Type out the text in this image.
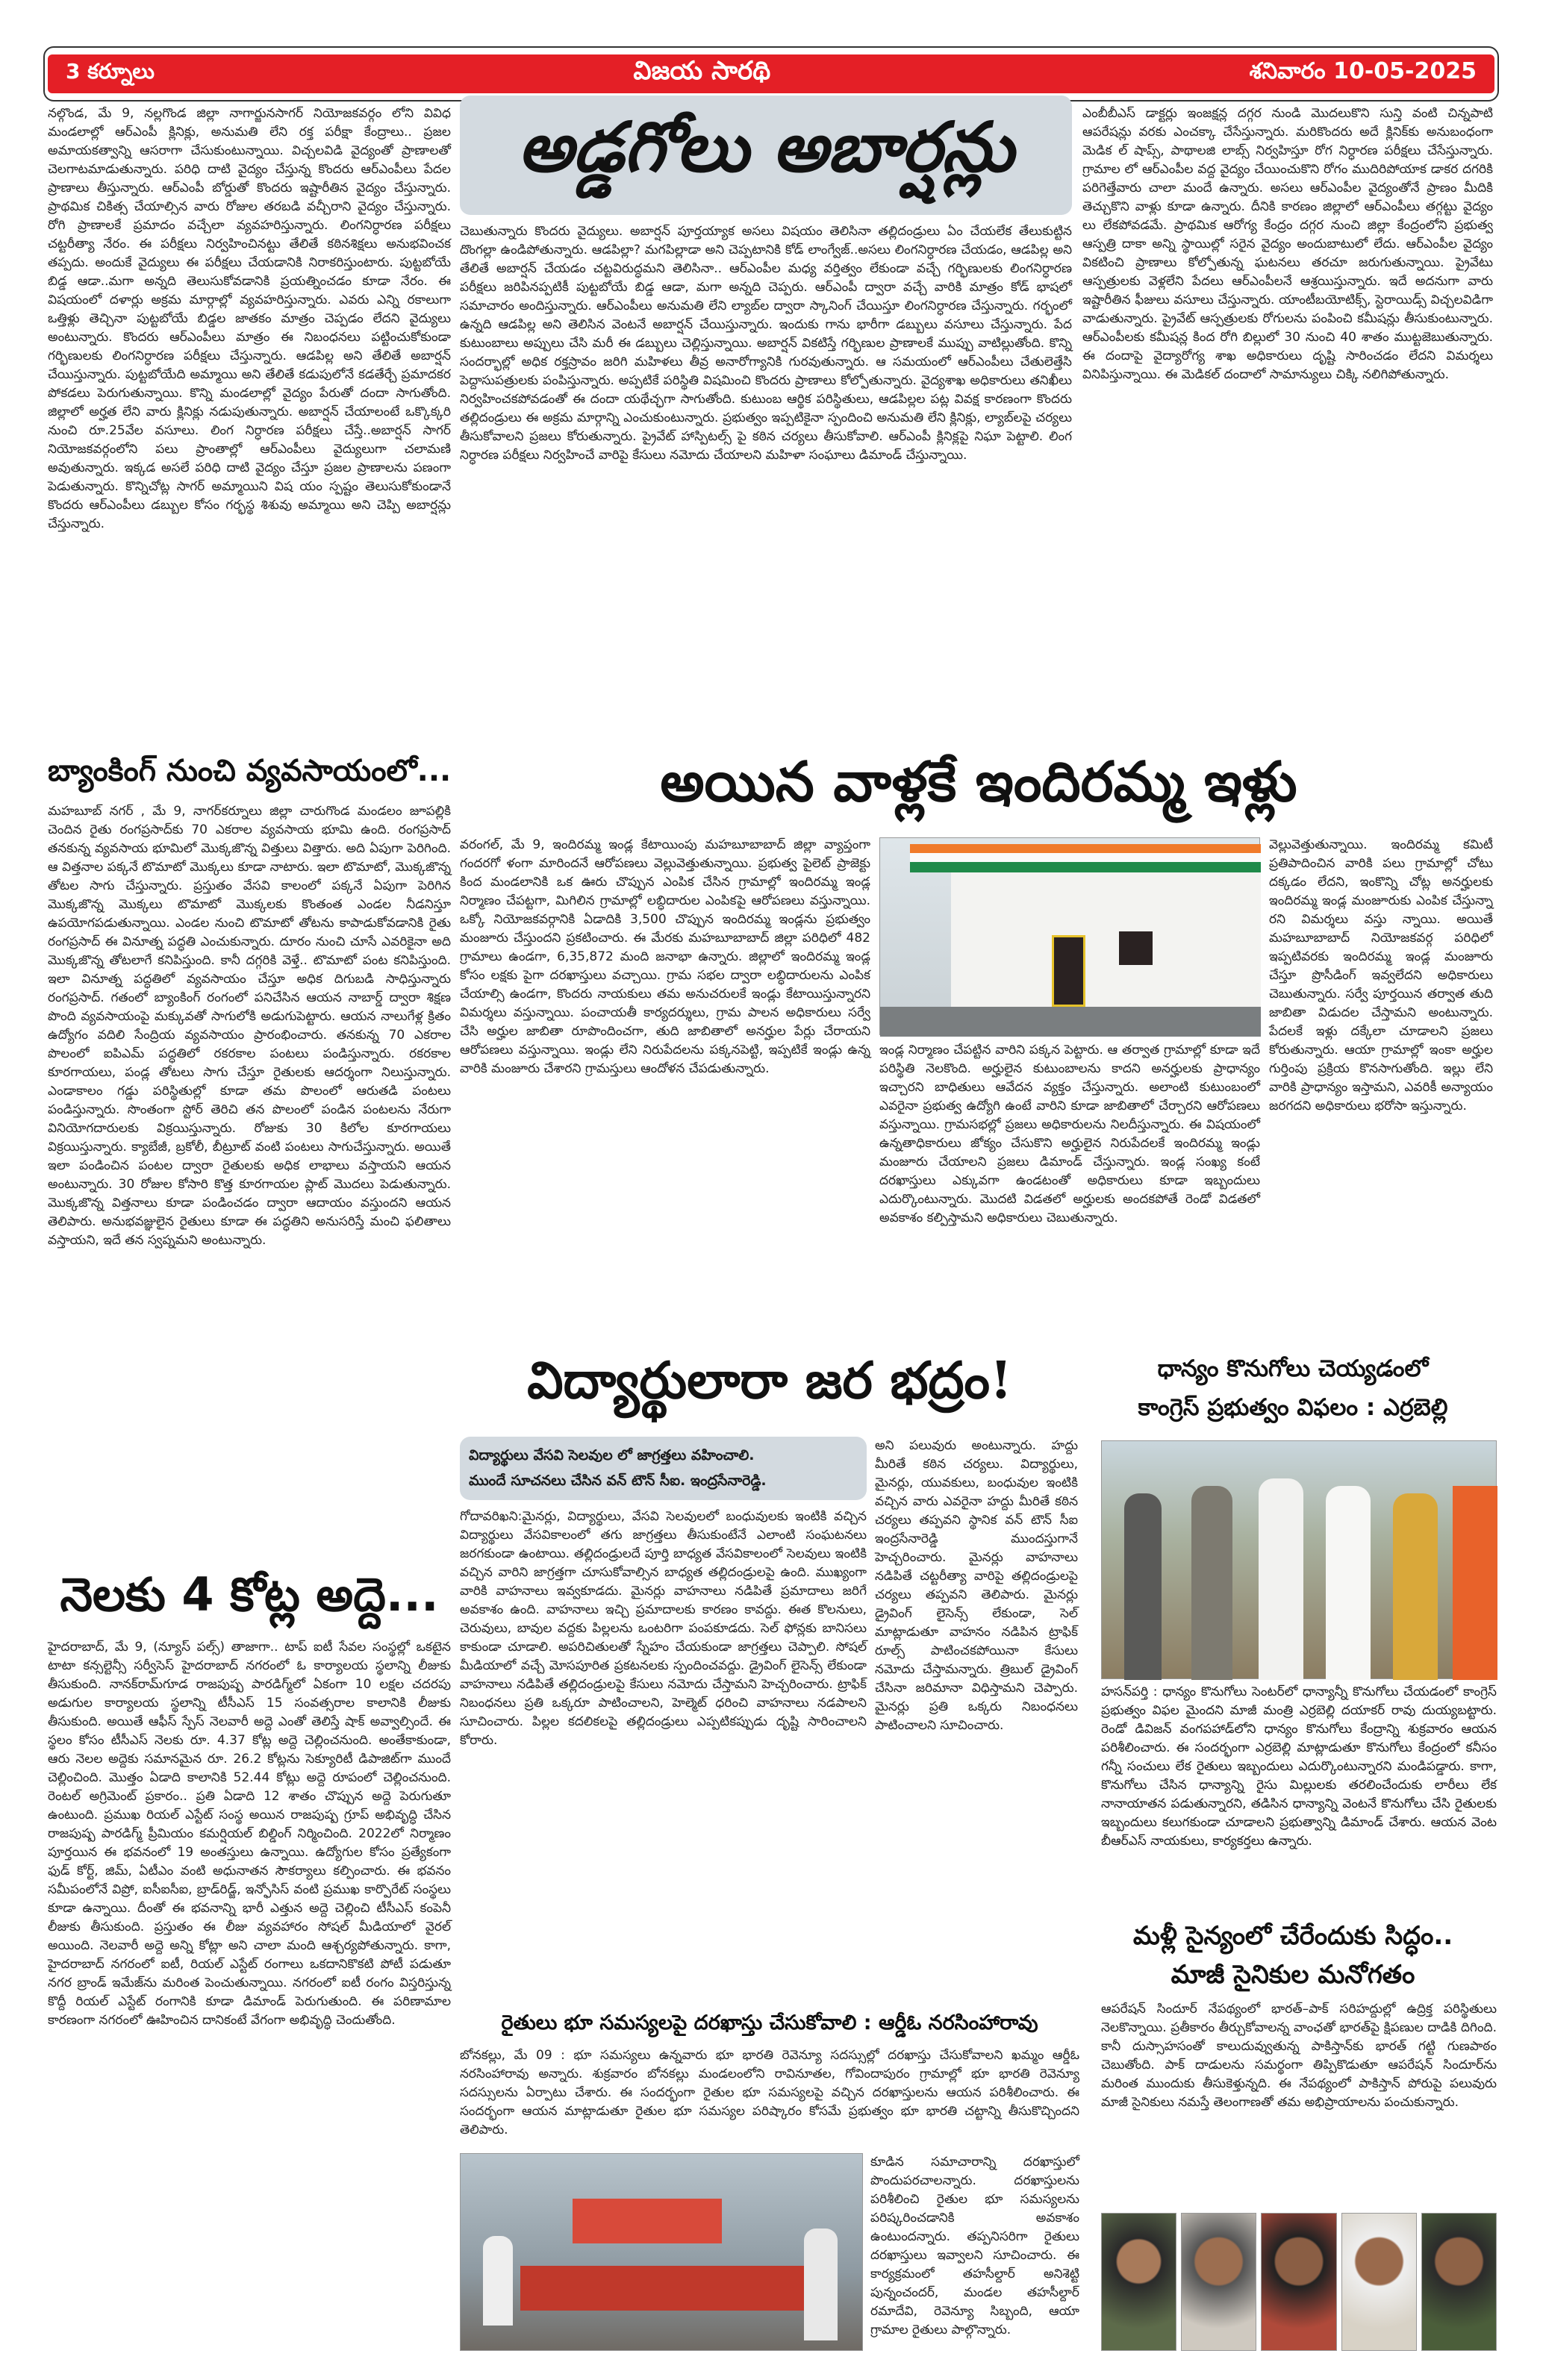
3 కర్నూలు	విజయ సారథి	శనివారం 10-05-2025

నల్గొండ, మే 9, నల్లగొండ జిల్లా నాగార్జునసాగర్ నియోజకవర్గం లోని వివిధ మండలాల్లో ఆర్ఎంపీ క్లినిక్లు, అనుమతి లేని రక్త పరీక్షా కేంద్రాలు.. ప్రజల అమాయకత్వాన్ని ఆసరాగా చేసుకుంటున్నాయి. విచ్చలవిడి వైద్యంతో ప్రాణాలతో చెలగాటమాడుతున్నారు. పరిధి దాటి వైద్యం చేస్తున్న కొందరు ఆర్ఎంపీలు పేదల ప్రాణాలు తీస్తున్నారు. ఆర్ఎంపీ బోర్డుతో కొందరు ఇష్టారీతిన వైద్యం చేస్తున్నారు. ప్రాథమిక చికిత్స చేయాల్సిన వారు రోజుల తరబడి వచ్చీరాని వైద్యం చేస్తున్నారు. రోగి ప్రాణాలకే ప్రమాదం వచ్చేలా వ్యవహరిస్తున్నారు. లింగనిర్ధారణ పరీక్షలు చట్టరీత్యా నేరం. ఈ పరీక్షలు నిర్వహించినట్టు తేలితే కఠినశిక్షలు అనుభవించక తప్పదు. అందుకే వైద్యులు ఈ పరీక్షలు చేయడానికి నిరాకరిస్తుంటారు. పుట్టబోయే బిడ్డ ఆడా..మగా అన్నది తెలుసుకోవడానికి ప్రయత్నించడం కూడా నేరం. ఈ విషయంలో దళార్లు అక్రమ మార్గాల్లో వ్యవహరిస్తున్నారు. ఎవరు ఎన్ని రకాలుగా ఒత్తిళ్లు తెచ్చినా పుట్టబోయే బిడ్డల జాతకం మాత్రం చెప్పడం లేదని వైద్యులు అంటున్నారు. కొందరు ఆర్ఎంపీలు మాత్రం ఈ నిబంధనలు పట్టించుకోకుండా గర్భిణులకు లింగనిర్ధారణ పరీక్షలు చేస్తున్నారు. ఆడపిల్ల అని తేలితే అబార్షన్ చేయిస్తున్నారు. పుట్టబోయేది అమ్మాయి అని తేలితే కడుపులోనే కడతేర్చే ప్రమాదకర పోకడలు పెరుగుతున్నాయి. కొన్ని మండలాల్లో వైద్యం పేరుతో దందా సాగుతోంది. జిల్లాలో అర్హత లేని వారు క్లినిక్లు నడుపుతున్నారు. అబార్షన్ చేయాలంటే ఒక్కొక్కరి నుంచి రూ.25వేల వసూలు. లింగ నిర్ధారణ పరీక్షలు చేస్తే..అబార్షన్ సాగర్ నియోజకవర్గంలోని పలు ప్రాంతాల్లో ఆర్ఎంపీలు వైద్యులుగా చలామణి అవుతున్నారు. ఇక్కడ అసలే పరిధి దాటి వైద్యం చేస్తూ ప్రజల ప్రాణాలను పణంగా పెడుతున్నారు. కొన్నిచోట్ల సాగర్ అమ్మాయిని విష యం స్పష్టం తెలుసుకోకుండానే కొందరు ఆర్ఎంపీలు డబ్బుల కోసం గర్భస్థ శిశువు అమ్మాయి అని చెప్పి అబార్షన్లు చేస్తున్నారు.

అడ్డగోలు అబార్షన్లు

చెబుతున్నారు కొందరు వైద్యులు. అబార్షన్ పూర్తయ్యాక అసలు విషయం తెలిసినా తల్లిదండ్రులు ఏం చేయలేక తేలుకుట్టిన దొంగల్లా ఉండిపోతున్నారు. ఆడపిల్లా? మగపిల్లాడా అని చెప్పటానికి కోడ్ లాంగ్వేజ్..అసలు లింగనిర్ధారణ చేయడం, ఆడపిల్ల అని తేలితే అబార్షన్ చేయడం చట్టవిరుద్ధమని తెలిసినా.. ఆర్ఎంపీల మధ్య వర్తిత్వం లేకుండా వచ్చే గర్భిణులకు లింగనిర్ధారణ పరీక్షలు జరిపినప్పటికీ పుట్టబోయే బిడ్డ ఆడా, మగా అన్నది చెప్పరు. ఆర్ఎంపీ ద్వారా వచ్చే వారికి మాత్రం కోడ్ భాషలో సమాచారం అందిస్తున్నారు. ఆర్ఎంపీలు అనుమతి లేని ల్యాబ్‌ల ద్వారా స్కానింగ్ చేయిస్తూ లింగనిర్ధారణ చేస్తున్నారు. గర్భంలో ఉన్నది ఆడపిల్ల అని తెలిసిన వెంటనే అబార్షన్ చేయిస్తున్నారు. ఇందుకు గాను భారీగా డబ్బులు వసూలు చేస్తున్నారు. పేద కుటుంబాలు అప్పులు చేసి మరీ ఈ డబ్బులు చెల్లిస్తున్నాయి. అబార్షన్ వికటిస్తే గర్భిణుల ప్రాణాలకే ముప్పు వాటిల్లుతోంది. కొన్ని సందర్భాల్లో అధిక రక్తస్రావం జరిగి మహిళలు తీవ్ర అనారోగ్యానికి గురవుతున్నారు. ఆ సమయంలో ఆర్ఎంపీలు చేతులెత్తేసి పెద్దాసుపత్రులకు పంపిస్తున్నారు. అప్పటికే పరిస్థితి విషమించి కొందరు ప్రాణాలు కోల్పోతున్నారు. వైద్యశాఖ అధికారులు తనిఖీలు నిర్వహించకపోవడంతో ఈ దందా యథేచ్ఛగా సాగుతోంది. కుటుంబ ఆర్థిక పరిస్థితులు, ఆడపిల్లల పట్ల వివక్ష కారణంగా కొందరు తల్లిదండ్రులు ఈ అక్రమ మార్గాన్ని ఎంచుకుంటున్నారు. ప్రభుత్వం ఇప్పటికైనా స్పందించి అనుమతి లేని క్లినిక్లు, ల్యాబ్‌లపై చర్యలు తీసుకోవాలని ప్రజలు కోరుతున్నారు. ప్రైవేట్ హాస్పిటల్స్ పై కఠిన చర్యలు తీసుకోవాలి. ఆర్ఎంపీ క్లినిక్లపై నిఘా పెట్టాలి. లింగ నిర్ధారణ పరీక్షలు నిర్వహించే వారిపై కేసులు నమోదు చేయాలని మహిళా సంఘాలు డిమాండ్ చేస్తున్నాయి.

ఎంబీబీఎస్ డాక్టర్లు ఇంజక్షన్ల దగ్గర నుండి మొదలుకొని సున్తి వంటి చిన్నపాటి ఆపరేషన్లు వరకు ఎంచక్కా చేసేస్తున్నారు. మరికొందరు అదే క్లినిక్‌కు అనుబంధంగా మెడిక ల్ షాప్స్, పాథాలజి లాబ్స్ నిర్వహిస్తూ రోగ నిర్ధారణ పరీక్షలు చేసేస్తున్నారు. గ్రామాల లో ఆర్ఎంపీల వద్ద వైద్యం చేయించుకొని రోగం ముదిరిపోయాక డాకర దగరికి పరిగెత్తేవారు చాలా మందే ఉన్నారు. అసలు ఆర్ఎంపీల వైద్యంతోనే ప్రాణం మీదికి తెచ్చుకొని వాళ్లు కూడా ఉన్నారు. దీనికి కారణం జిల్లాలో ఆర్ఎంపీలు తగ్గట్టు వైద్యం లు లేకపోవడమే. ప్రాథమిక ఆరోగ్య కేంద్రం దగ్గర నుంచి జిల్లా కేంద్రంలోని ప్రభుత్వ ఆస్పత్రి దాకా అన్ని స్థాయిల్లో సరైన వైద్యం అందుబాటులో లేదు. ఆర్ఎంపీల వైద్యం వికటించి ప్రాణాలు కోల్పోతున్న ఘటనలు తరచూ జరుగుతున్నాయి. ప్రైవేటు ఆస్పత్రులకు వెళ్లలేని పేదలు ఆర్ఎంపీలనే ఆశ్రయిస్తున్నారు. ఇదే అదనుగా వారు ఇష్టారీతిన ఫీజులు వసూలు చేస్తున్నారు. యాంటీబయోటిక్స్, స్టెరాయిడ్స్ విచ్చలవిడిగా వాడుతున్నారు. ప్రైవేట్ ఆస్పత్రులకు రోగులను పంపించి కమీషన్లు తీసుకుంటున్నారు. ఆర్ఎంపీలకు కమీషన్ల కింద రోగి బిల్లులో 30 నుంచి 40 శాతం ముట్టజెబుతున్నారు. ఈ దందాపై వైద్యారోగ్య శాఖ అధికారులు దృష్టి సారించడం లేదని విమర్శలు వినిపిస్తున్నాయి. ఈ మెడికల్ దందాలో సామాన్యులు చిక్కి నలిగిపోతున్నారు.

బ్యాంకింగ్ నుంచి వ్యవసాయంలో...

మహబూబ్ నగర్ , మే 9, నాగర్‌కర్నూలు జిల్లా చారుగొండ మండలం జూపల్లికి చెందిన రైతు రంగప్రసాద్‌కు 70 ఎకరాల వ్యవసాయ భూమి ఉంది. రంగప్రసాద్ తనకున్న వ్యవసాయ భూమిలో మొక్కజొన్న విత్తులు విత్తారు. అది ఏపుగా పెరిగింది. ఆ విత్తనాల పక్కనే టొమాటో మొక్కలు కూడా నాటారు. ఇలా టొమాటో, మొక్కజొన్న తోటల సాగు చేస్తున్నారు. ప్రస్తుతం వేసవి కాలంలో పక్కనే ఏపుగా పెరిగిన మొక్కజొన్న మొక్కలు టొమాటో మొక్కలకు కొంతంత ఎండల నీడనిస్తూ ఉపయోగపడుతున్నాయి. ఎండల నుంచి టొమాటో తోటను కాపాడుకోవడానికి రైతు రంగప్రసాద్ ఈ వినూత్న పద్ధతి ఎంచుకున్నారు. దూరం నుంచి చూసే ఎవరికైనా అది మొక్కజొన్న తోటలాగే కనిపిస్తుంది. కానీ దగ్గరికి వెళ్తే.. టొమాటో పంట కనిపిస్తుంది. ఇలా వినూత్న పద్ధతిలో వ్యవసాయం చేస్తూ అధిక దిగుబడి సాధిస్తున్నారు రంగప్రసాద్. గతంలో బ్యాంకింగ్ రంగంలో పనిచేసిన ఆయన నాబార్డ్ ద్వారా శిక్షణ పొంది వ్యవసాయంపై మక్కువతో సాగులోకి అడుగుపెట్టారు. ఆయన నాలుగేళ్ల క్రితం ఉద్యోగం వదిలి సేంద్రియ వ్యవసాయం ప్రారంభించారు. తనకున్న 70 ఎకరాల పొలంలో ఐపిఎమ్ పద్ధతిలో రకరకాల పంటలు పండిస్తున్నారు. రకరకాల కూరగాయలు, పండ్ల తోటలు సాగు చేస్తూ రైతులకు ఆదర్శంగా నిలుస్తున్నారు. ఎండాకాలం గడ్డు పరిస్థితుల్లో కూడా తమ పొలంలో ఆరుతడి పంటలు పండిస్తున్నారు. సొంతంగా స్టోర్ తెరిచి తన పొలంలో పండిన పంటలను నేరుగా వినియోగదారులకు విక్రయిస్తున్నారు. రోజుకు 30 కిలోల కూరగాయలు విక్రయిస్తున్నారు. క్యాబేజీ, బ్రకోలీ, బీట్రూట్ వంటి పంటలు సాగుచేస్తున్నారు. అయితే ఇలా పండించిన పంటల ద్వారా రైతులకు అధిక లాభాలు వస్తాయని ఆయన అంటున్నారు. 30 రోజుల కోసారి కొత్త కూరగాయల ప్లాట్ మొదలు పెడుతున్నారు. మొక్కజొన్న విత్తనాలు కూడా పండించడం ద్వారా ఆదాయం వస్తుందని ఆయన తెలిపారు. అనుభవజ్ఞులైన రైతులు కూడా ఈ పద్ధతిని అనుసరిస్తే మంచి ఫలితాలు వస్తాయని, ఇదే తన స్వప్నమని అంటున్నారు.

నెలకు 4 కోట్ల అద్దె...

హైదరాబాద్, మే 9, (న్యూస్ పల్స్) తాజాగా.. టాప్ ఐటీ సేవల సంస్థల్లో ఒకటైన టాటా కన్సల్టెన్సీ సర్వీసెస్ హైదరాబాద్ నగరంలో ఓ కార్యాలయ స్థలాన్ని లీజుకు తీసుకుంది. నానక్‌రామ్‌గూడ రాజపుష్ప పారడిగ్మ్‌లో ఏకంగా 10 లక్షల చదరపు అడుగుల కార్యాలయ స్థలాన్ని టీసీఎస్ 15 సంవత్సరాల కాలానికి లీజుకు తీసుకుంది. అయితే ఆఫీస్ స్పేస్ నెలవారీ అద్దె ఎంతో తెలిస్తే షాక్ అవ్వాల్సిందే. ఈ స్థలం కోసం టీసీఎస్ నెలకు రూ. 4.37 కోట్ల అద్దె చెల్లించనుంది. అంతేకాకుండా, ఆరు నెలల అద్దెకు సమానమైన రూ. 26.2 కోట్లను సెక్యూరిటీ డిపాజిట్‌గా ముందే చెల్లించింది. మొత్తం ఏడాది కాలానికి 52.44 కోట్లు అద్దె రూపంలో చెల్లించనుంది. రెంటల్ అగ్రిమెంట్ ప్రకారం.. ప్రతి ఏడాది 12 శాతం చొప్పున అద్దె పెరుగుతూ ఉంటుంది. ప్రముఖ రియల్ ఎస్టేట్ సంస్థ అయిన రాజపుష్ప గ్రూప్ అభివృద్ధి చేసిన రాజపుష్ప పారడిగ్మ్ ప్రీమియం కమర్షియల్ బిల్డింగ్ నిర్మించింది. 2022లో నిర్మాణం పూర్తయిన ఈ భవనంలో 19 అంతస్తులు ఉన్నాయి. ఉద్యోగుల కోసం ప్రత్యేకంగా ఫుడ్ కోర్ట్, జిమ్, ఏటీఎం వంటి అధునాతన సౌకర్యాలు కల్పించారు. ఈ భవనం సమీపంలోనే విప్రో, ఐసీఐసీఐ, బ్రాడ్‌రిడ్జ్, ఇన్ఫోసిస్ వంటి ప్రముఖ కార్పొరేట్ సంస్థలు కూడా ఉన్నాయి. దీంతో ఈ భవనాన్ని భారీ ఎత్తున అద్దె చెల్లించి టీసీఎస్ కంపెనీ లీజుకు తీసుకుంది. ప్రస్తుతం ఈ లీజు వ్యవహారం సోషల్ మీడియాలో వైరల్ అయింది. నెలవారీ అద్దె అన్ని కోట్లా అని చాలా మంది ఆశ్చర్యపోతున్నారు. కాగా, హైదరాబాద్ నగరంలో ఐటీ, రియల్ ఎస్టేట్ రంగాలు ఒకదానికొకటి పోటీ పడుతూ నగర బ్రాండ్ ఇమేజ్‌ను మరింత పెంచుతున్నాయి. నగరంలో ఐటీ రంగం విస్తరిస్తున్న కొద్దీ రియల్ ఎస్టేట్ రంగానికి కూడా డిమాండ్ పెరుగుతుంది. ఈ పరిణామాల కారణంగా నగరంలో ఊహించిన దానికంటే వేగంగా అభివృద్ధి చెందుతోంది.

అయిన వాళ్లకే ఇందిరమ్మ ఇళ్లు

వరంగల్, మే 9, ఇందిరమ్మ ఇండ్ల కేటాయింపు మహబూబాబాద్ జిల్లా వ్యాప్తంగా గందరగో ళంగా మారిందనే ఆరోపణలు వెల్లువెత్తుతున్నాయి. ప్రభుత్వ పైలెట్ ప్రాజెక్టు కింద మండలానికి ఒక ఊరు చొప్పున ఎంపిక చేసిన గ్రామాల్లో ఇందిరమ్మ ఇండ్ల నిర్మాణం చేపట్టగా, మిగిలిన గ్రామాల్లో లబ్ధిదారుల ఎంపికపై ఆరోపణలు వస్తున్నాయి. ఒక్కో నియోజకవర్గానికి ఏడాదికి 3,500 చొప్పున ఇందిరమ్మ ఇండ్లను ప్రభుత్వం మంజూరు చేస్తుందని ప్రకటించారు. ఈ మేరకు మహబూబాబాద్ జిల్లా పరిధిలో 482 గ్రామాలు ఉండగా, 6,35,872 మంది జనాభా ఉన్నారు. జిల్లాలో ఇందిరమ్మ ఇండ్ల కోసం లక్షకు పైగా దరఖాస్తులు వచ్చాయి. గ్రామ సభల ద్వారా లబ్ధిదారులను ఎంపిక చేయాల్సి ఉండగా, కొందరు నాయకులు తమ అనుచరులకే ఇండ్లు కేటాయిస్తున్నారని విమర్శలు వస్తున్నాయి. పంచాయతీ కార్యదర్శులు, గ్రామ పాలన అధికారులు సర్వే చేసి అర్హుల జాబితా రూపొందించగా, తుది జాబితాలో అనర్హుల పేర్లు చేరాయని ఆరోపణలు వస్తున్నాయి. ఇండ్లు లేని నిరుపేదలను పక్కనపెట్టి, ఇప్పటికే ఇండ్లు ఉన్న వారికి మంజూరు చేశారని గ్రామస్తులు ఆందోళన చేపడుతున్నారు.

ఇండ్ల నిర్మాణం చేపట్టిన వారిని పక్కన పెట్టారు. ఆ తర్వాత గ్రామాల్లో కూడా ఇదే పరిస్థితి నెలకొంది. అర్హులైన కుటుంబాలను కాదని అనర్హులకు ప్రాధాన్యం ఇచ్చారని బాధితులు ఆవేదన వ్యక్తం చేస్తున్నారు. అలాంటి కుటుంబంలో ఎవరైనా ప్రభుత్వ ఉద్యోగి ఉంటే వారిని కూడా జాబితాలో చేర్చారని ఆరోపణలు వస్తున్నాయి. గ్రామసభల్లో ప్రజలు అధికారులను నిలదీస్తున్నారు. ఈ విషయంలో ఉన్నతాధికారులు జోక్యం చేసుకొని అర్హులైన నిరుపేదలకే ఇందిరమ్మ ఇండ్లు మంజూరు చేయాలని ప్రజలు డిమాండ్ చేస్తున్నారు. ఇండ్ల సంఖ్య కంటే దరఖాస్తులు ఎక్కువగా ఉండటంతో అధికారులు కూడా ఇబ్బందులు ఎదుర్కొంటున్నారు. మొదటి విడతలో అర్హులకు అందకపోతే రెండో విడతలో అవకాశం కల్పిస్తామని అధికారులు చెబుతున్నారు.

వెల్లువెత్తుతున్నాయి. ఇందిరమ్మ కమిటీ ప్రతిపాదించిన వారికి పలు గ్రామాల్లో చోటు దక్కడం లేదని, ఇంకొన్ని చోట్ల అనర్హులకు ఇందిరమ్మ ఇండ్ల మంజూరుకు ఎంపిక చేస్తున్నా రని విమర్శలు వస్తు న్నాయి. అయితే మహబూబాబాద్ నియోజకవర్గ పరిధిలో ఇప్పటివరకు ఇందిరమ్మ ఇండ్ల మంజూరు చేస్తూ ప్రొసీడింగ్ ఇవ్వలేదని అధికారులు చెబుతున్నారు. సర్వే పూర్తయిన తర్వాత తుది జాబితా విడుదల చేస్తామని అంటున్నారు. పేదలకే ఇళ్లు దక్కేలా చూడాలని ప్రజలు కోరుతున్నారు. ఆయా గ్రామాల్లో ఇంకా అర్హుల గుర్తింపు ప్రక్రియ కొనసాగుతోంది. ఇల్లు లేని వారికి ప్రాధాన్యం ఇస్తామని, ఎవరికీ అన్యాయం జరగదని అధికారులు భరోసా ఇస్తున్నారు.

విద్యార్థులారా జర భద్రం!
విద్యార్థులు వేసవి సెలవుల లో జాగ్రత్తలు వహించాలి.
ముందే సూచనలు చేసిన వన్ టౌన్ సీఐ. ఇంద్రసేనారెడ్డి.

గోదావరిఖని:మైనర్లు, విద్యార్థులు, వేసవి సెలవులలో బంధువులకు ఇంటికి వచ్చిన విద్యార్థులు వేసవికాలంలో తగు జాగ్రత్తలు తీసుకుంటేనే ఎలాంటి సంఘటనలు జరగకుండా ఉంటాయి. తల్లిదండ్రులదే పూర్తి బాధ్యత వేసవికాలంలో సెలవులు ఇంటికి వచ్చిన వారిని జాగ్రత్తగా చూసుకోవాల్సిన బాధ్యత తల్లిదండ్రులపై ఉంది. ముఖ్యంగా వారికి వాహనాలు ఇవ్వకూడదు. మైనర్లు వాహనాలు నడిపితే ప్రమాదాలు జరిగే అవకాశం ఉంది. వాహనాలు ఇచ్చి ప్రమాదాలకు కారణం కావద్దు. ఈత కొలనులు, చెరువులు, బావుల వద్దకు పిల్లలను ఒంటరిగా పంపకూడదు. సెల్ ఫోన్లకు బానిసలు కాకుండా చూడాలి. అపరిచితులతో స్నేహం చేయకుండా జాగ్రత్తలు చెప్పాలి. సోషల్ మీడియాలో వచ్చే మోసపూరిత ప్రకటనలకు స్పందించవద్దు. డ్రైవింగ్ లైసెన్స్ లేకుండా వాహనాలు నడిపితే తల్లిదండ్రులపై కేసులు నమోదు చేస్తామని హెచ్చరించారు. ట్రాఫిక్ నిబంధనలు ప్రతి ఒక్కరూ పాటించాలని, హెల్మెట్ ధరించి వాహనాలు నడపాలని సూచించారు. పిల్లల కదలికలపై తల్లిదండ్రులు ఎప్పటికప్పుడు దృష్టి సారించాలని కోరారు.

అని పలువురు అంటున్నారు. హద్దు మీరితే కఠిన చర్యలు. విద్యార్థులు, మైనర్లు, యువకులు, బంధువుల ఇంటికి వచ్చిన వారు ఎవరైనా హద్దు మీరితే కఠిన చర్యలు తప్పవని స్థానిక వన్ టౌన్ సీఐ ఇంద్రసేనారెడ్డి ముందస్తుగానే హెచ్చరించారు. మైనర్లు వాహనాలు నడిపితే చట్టరీత్యా వారిపై తల్లిదండ్రులపై చర్యలు తప్పవని తెలిపారు. మైనర్లు డ్రైవింగ్ లైసెన్స్ లేకుండా, సెల్ మాట్లాడుతూ వాహనం నడిపిన ట్రాఫిక్ రూల్స్ పాటించకపోయినా కేసులు నమోదు చేస్తామన్నారు. త్రిబుల్ డ్రైవింగ్ చేసినా జరిమానా విధిస్తామని చెప్పారు. మైనర్లు ప్రతి ఒక్కరు నిబంధనలు పాటించాలని సూచించారు.

రైతులు భూ సమస్యలపై దరఖాస్తు చేసుకోవాలి : ఆర్డీఓ నరసింహారావు

బోనకల్లు, మే 09 : భూ సమస్యలు ఉన్నవారు భూ భారతి రెవెన్యూ సదస్సుల్లో దరఖాస్తు చేసుకోవాలని ఖమ్మం ఆర్డీఓ నరసింహారావు అన్నారు. శుక్రవారం బోనకల్లు మండలంలోని రావినూతల, గోవిందాపురం గ్రామాల్లో భూ భారతి రెవెన్యూ సదస్సులను ఏర్పాటు చేశారు. ఈ సందర్భంగా రైతుల భూ సమస్యలపై వచ్చిన దరఖాస్తులను ఆయన పరిశీలించారు. ఈ సందర్భంగా ఆయన మాట్లాడుతూ రైతుల భూ సమస్యల పరిష్కారం కోసమే ప్రభుత్వం భూ భారతి చట్టాన్ని తీసుకొచ్చిందని తెలిపారు.

కూడిన సమాచారాన్ని దరఖాస్తులో పొందుపరచాలన్నారు. దరఖాస్తులను పరిశీలించి రైతుల భూ సమస్యలను పరిష్కరించడానికి అవకాశం ఉంటుందన్నారు. తప్పనిసరిగా రైతులు దరఖాస్తులు ఇవ్వాలని సూచించారు. ఈ కార్యక్రమంలో తహసీల్దార్ అనిశెట్టి పున్నంచందర్, మండల తహసీల్దార్ రమాదేవి, రెవెన్యూ సిబ్బంది, ఆయా గ్రామాల రైతులు పాల్గొన్నారు.

ధాన్యం కొనుగోలు చెయ్యడంలో
కాంగ్రెస్ ప్రభుత్వం విఫలం : ఎర్రబెల్లి

హసన్‌పర్తి : ధాన్యం కొనుగోలు సెంటర్‌లో ధాన్యాన్నీ కొనుగోలు చేయడంలో కాంగ్రెస్ ప్రభుత్వం విఫల మైందని మాజీ మంత్రి ఎర్రబెల్లి దయాకర్ రావు దుయ్యబట్టారు. రెండో డివిజన్ వంగపహాడ్‌లోని ధాన్యం కొనుగోలు కేంద్రాన్ని శుక్రవారం ఆయన పరిశీలించారు. ఈ సందర్భంగా ఎర్రబెల్లి మాట్లాడుతూ కొనుగోలు కేంద్రంలో కనీసం గన్నీ సంచులు లేక రైతులు ఇబ్బందులు ఎదుర్కొంటున్నారని మండిపడ్డారు. కాగా, కొనుగోలు చేసిన ధాన్యాన్ని రైసు మిల్లులకు తరలించేందుకు లారీలు లేక నానాయాతన పడుతున్నారని, తడిసిన ధాన్యాన్ని వెంటనే కొనుగోలు చేసి రైతులకు ఇబ్బందులు కలుగకుండా చూడాలని ప్రభుత్వాన్ని డిమాండ్ చేశారు. ఆయన వెంట బీఆర్ఎస్ నాయకులు, కార్యకర్తలు ఉన్నారు.

మళ్లీ సైన్యంలో చేరేందుకు సిద్ధం..
మాజీ సైనికుల మనోగతం

ఆపరేషన్ సిందూర్ నేపథ్యంలో భారత్–పాక్ సరిహద్దుల్లో ఉద్రిక్త పరిస్థితులు నెలకొన్నాయి. ప్రతీకారం తీర్చుకోవాలన్న వాంఛతో భారత్‌పై క్షిపణుల దాడికి దిగింది. కానీ దుస్సాహసంతో కాలుదువ్వుతున్న పాకిస్తాన్‌కు భారత్ గట్టి గుణపాఠం చెబుతోంది. పాక్ దాడులను సమర్థంగా తిప్పికొడుతూ ఆపరేషన్ సిందూర్‌ను మరింత ముందుకు తీసుకెళ్తున్నది. ఈ నేపథ్యంలో పాకిస్తాన్ పోరుపై పలువురు మాజీ సైనికులు నమస్తే తెలంగాణతో తమ అభిప్రాయాలను పంచుకున్నారు.
